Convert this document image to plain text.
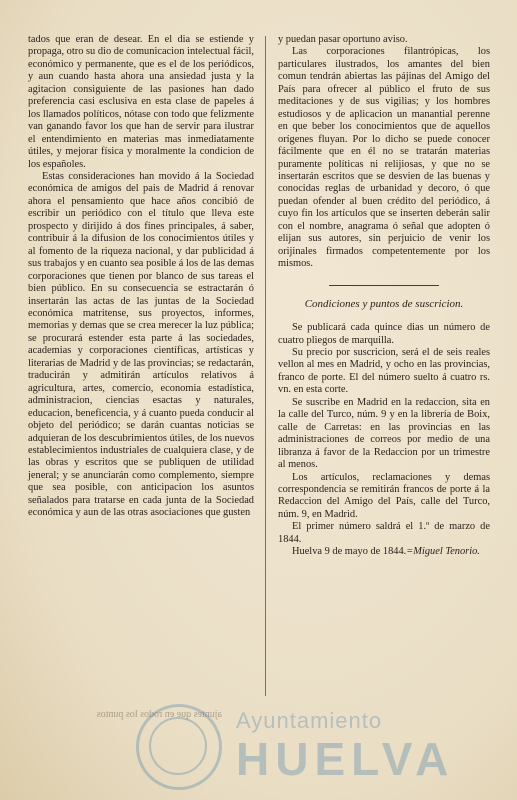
tados que eran de desear. En el dia se estiende y propaga, otro su dio de comunicacion intelectual fácil, económico y permanente, que es el de los periódicos, y aun cuando hasta ahora una ansiedad justa y la agitacion consiguiente de las pasiones han dado preferencia casi esclusiva en esta clase de papeles á los llamados políticos, nótase con todo que felizmente van ganando favor los que han de servir para ilustrar el entendimiento en materias mas inmediatamente útiles, y mejorar física y moralmente la condicion de los españoles.

Estas consideraciones han movido á la Sociedad económica de amigos del pais de Madrid á renovar ahora el pensamiento que hace años concibió de escribir un periódico con el título que lleva este prospecto y dirijido á dos fines principales, á saber, contribuir á la difusion de los conocimientos útiles y al fomento de la riqueza nacional, y dar publicidad á sus trabajos y en cuanto sea posible á los de las demas corporaciones que tienen por blanco de sus tareas el bien público. En su consecuencia se estractarán ó insertarán las actas de las juntas de la Sociedad económica matritense, sus proyectos, informes, memorias y demas que se crea merecer la luz pública; se procurará estender esta parte á las sociedades, academias y corporaciones científicas, artísticas y literarias de Madrid y de las provincias; se redactarán, traducirán y admitirán artículos relativos á agricultura, artes, comercio, economia estadística, administracion, ciencias esactas y naturales, educacion, beneficencia, y á cuanto pueda conducir al objeto del periódico; se darán cuantas noticias se adquieran de los descubrimientos útiles, de los nuevos establecimientos industriales de cualquiera clase, y de las obras y escritos que se publiquen de utilidad jeneral; y se anunciarán como complemento, siempre que sea posible, con anticipacion los asuntos señalados para tratarse en cada junta de la Sociedad económica y aun de las otras asociaciones que gusten

y puedan pasar oportuno aviso.

Las corporaciones filantrópicas, los particulares ilustrados, los amantes del bien comun tendrán abiertas las pájinas del Amigo del País para ofrecer al público el fruto de sus meditaciones y de sus vigilias; y los hombres estudiosos y de aplicacion un manantial perenne en que beber los conocimientos que de aquellos orígenes fluyan. Por lo dicho se puede conocer fácilmente que en él no se tratarán materias puramente políticas ni relijiosas, y que no se insertarán escritos que se desvien de las buenas y conocidas reglas de urbanidad y decoro, ó que puedan ofender al buen crédito del periódico, á cuyo fin los artículos que se inserten deberán salir con el nombre, anagrama ó señal que adopten ó elijan sus autores, sin perjuicio de venir los orijinales firmados competentemente por los mismos.

Condiciones y puntos de suscricion.

Se publicará cada quince dias un número de cuatro pliegos de marquilla.

Su precio por suscricion, será el de seis reales vellon al mes en Madrid, y ocho en las provincias, franco de porte. El del número suelto á cuatro rs. vn. en esta corte.

Se suscribe en Madrid en la redaccion, sita en la calle del Turco, núm. 9 y en la librería de Boix, calle de Carretas: en las provincias en las administraciones de correos por medio de una libranza á favor de la Redaccion por un trimestre al menos.

Los artículos, reclamaciones y demas correspondencia se remitirán francos de porte á la Redaccion del Amigo del País, calle del Turco, núm. 9, en Madrid.

El primer número saldrá el 1.º de marzo de 1844.

Huelva 9 de mayo de 1844.=Miguel Tenorio.

ajuntes que en rodos los puntos Ayuntamiento
HUELVA
